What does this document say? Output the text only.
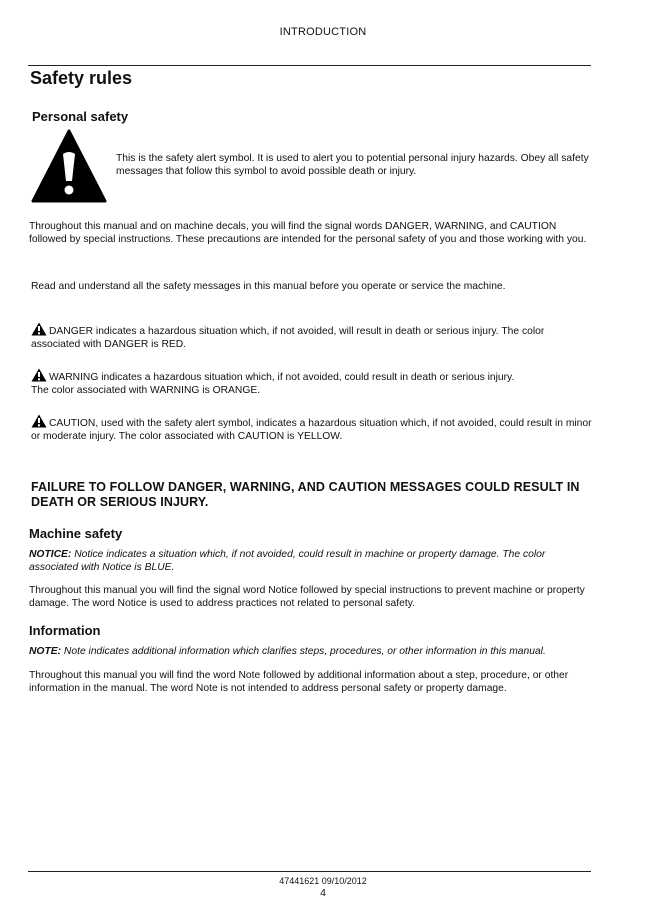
INTRODUCTION
Safety rules
Personal safety
This is the safety alert symbol. It is used to alert you to potential personal injury hazards. Obey all safety messages that follow this symbol to avoid possible death or injury.
Throughout this manual and on machine decals, you will find the signal words DANGER, WARNING, and CAUTION followed by special instructions. These precautions are intended for the personal safety of you and those working with you.
Read and understand all the safety messages in this manual before you operate or service the machine.
DANGER indicates a hazardous situation which, if not avoided, will result in death or serious injury. The color associated with DANGER is RED.
WARNING indicates a hazardous situation which, if not avoided, could result in death or serious injury.
The color associated with WARNING is ORANGE.
CAUTION, used with the safety alert symbol, indicates a hazardous situation which, if not avoided, could result in minor or moderate injury. The color associated with CAUTION is YELLOW.
FAILURE TO FOLLOW DANGER, WARNING, AND CAUTION MESSAGES COULD RESULT IN DEATH OR SERIOUS INJURY.
Machine safety
NOTICE: Notice indicates a situation which, if not avoided, could result in machine or property damage. The color associated with Notice is BLUE.
Throughout this manual you will find the signal word Notice followed by special instructions to prevent machine or property damage. The word Notice is used to address practices not related to personal safety.
Information
NOTE: Note indicates additional information which clarifies steps, procedures, or other information in this manual.
Throughout this manual you will find the word Note followed by additional information about a step, procedure, or other information in the manual. The word Note is not intended to address personal safety or property damage.
47441621 09/10/2012
4
